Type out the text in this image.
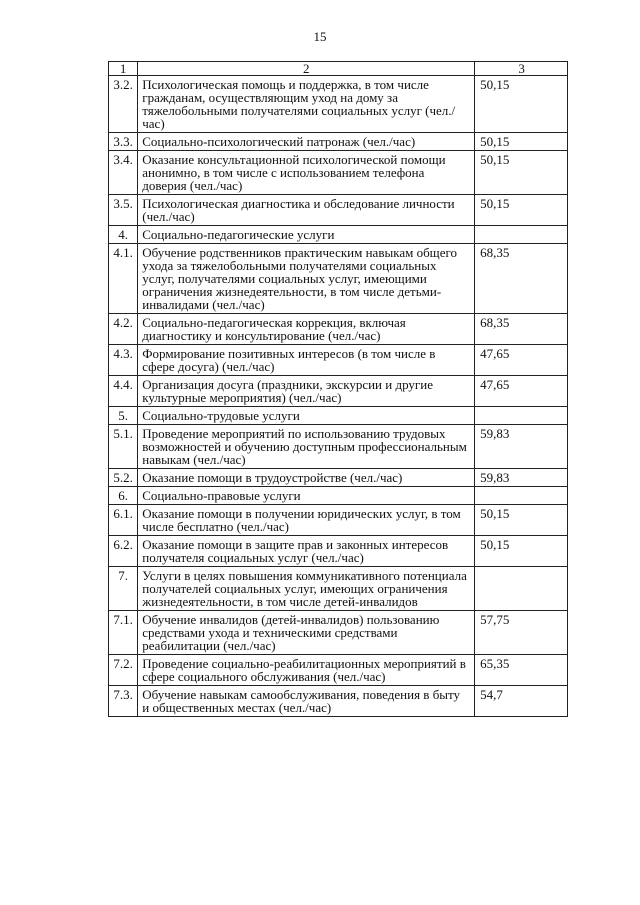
15
1	2	3
3.2.	Психологическая помощь и поддержка, в том числе гражданам, осуществляющим уход на дому за тяжелобольными получателями социальных услуг (чел./час)	50,15
3.3.	Социально-психологический патронаж (чел./час)	50,15
3.4.	Оказание консультационной психологической помощи анонимно, в том числе с использованием телефона доверия (чел./час)	50,15
3.5.	Психологическая диагностика и обследование личности (чел./час)	50,15
4.	Социально-педагогические услуги	
4.1.	Обучение родственников практическим навыкам общего ухода за тяжелобольными получателями социальных услуг, получателями социальных услуг, имеющими ограничения жизнедеятельности, в том числе детьми-инвалидами (чел./час)	68,35
4.2.	Социально-педагогическая коррекция, включая диагностику и консультирование (чел./час)	68,35
4.3.	Формирование позитивных интересов (в том числе в сфере досуга) (чел./час)	47,65
4.4.	Организация досуга (праздники, экскурсии и другие культурные мероприятия) (чел./час)	47,65
5.	Социально-трудовые услуги	
5.1.	Проведение мероприятий по использованию трудовых возможностей и обучению доступным профессиональным навыкам (чел./час)	59,83
5.2.	Оказание помощи в трудоустройстве (чел./час)	59,83
6.	Социально-правовые услуги	
6.1.	Оказание помощи в получении юридических услуг, в том числе бесплатно (чел./час)	50,15
6.2.	Оказание помощи в защите прав и законных интересов получателя социальных услуг (чел./час)	50,15
7.	Услуги в целях повышения коммуникативного потенциала получателей социальных услуг, имеющих ограничения жизнедеятельности, в том числе детей-инвалидов	
7.1.	Обучение инвалидов (детей-инвалидов) пользованию средствами ухода и техническими средствами реабилитации (чел./час)	57,75
7.2.	Проведение социально-реабилитационных мероприятий в сфере социального обслуживания (чел./час)	65,35
7.3.	Обучение навыкам самообслуживания, поведения в быту и общественных местах (чел./час)	54,7
